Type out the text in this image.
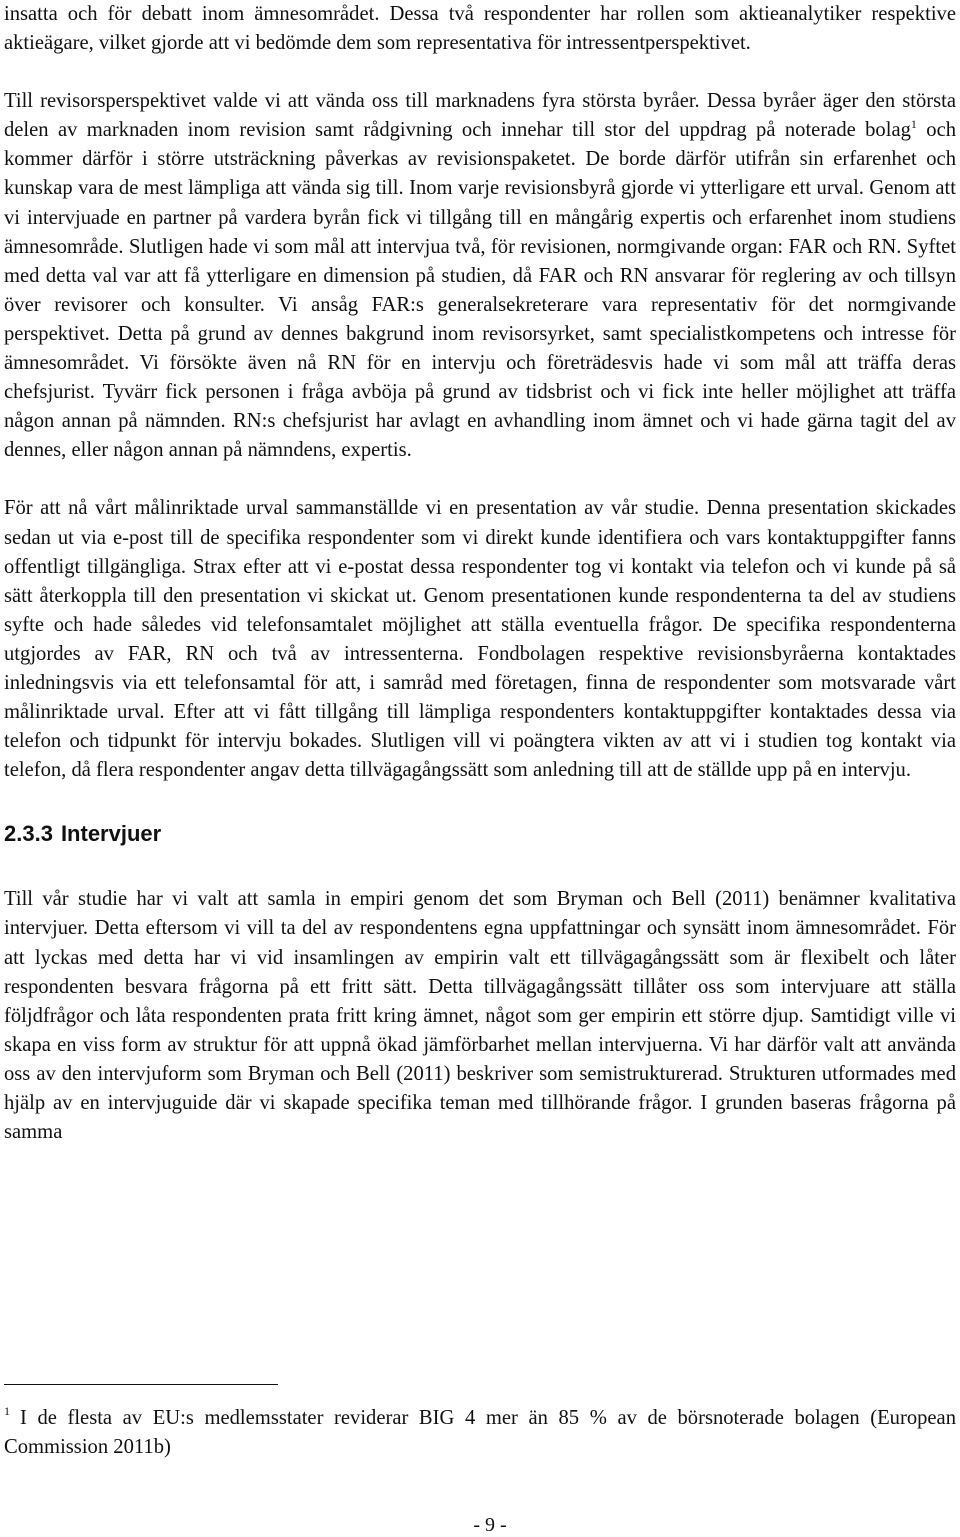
insatta och för debatt inom ämnesområdet. Dessa två respondenter har rollen som aktieanalytiker respektive aktieägare, vilket gjorde att vi bedömde dem som representativa för intressentperspektivet.

Till revisorsperspektivet valde vi att vända oss till marknadens fyra största byråer. Dessa byråer äger den största delen av marknaden inom revision samt rådgivning och innehar till stor del uppdrag på noterade bolag$^1$ och kommer därför i större utsträckning påverkas av revisionspaketet. De borde därför utifrån sin erfarenhet och kunskap vara de mest lämpliga att vända sig till. Inom varje revisionsbyrå gjorde vi ytterligare ett urval. Genom att vi intervjuade en partner på vardera byrån fick vi tillgång till en mångårig expertis och erfarenhet inom studiens ämnesområde. Slutligen hade vi som mål att intervjua två, för revisionen, normgivande organ: FAR och RN. Syftet med detta val var att få ytterligare en dimension på studien, då FAR och RN ansvarar för reglering av och tillsyn över revisorer och konsulter. Vi ansåg FAR:s generalsekreterare vara representativ för det normgivande perspektivet. Detta på grund av dennes bakgrund inom revisorsyrket, samt specialistkompetens och intresse för ämnesområdet. Vi försökte även nå RN för en intervju och företrädesvis hade vi som mål att träffa deras chefsjurist. Tyvärr fick personen i fråga avböja på grund av tidsbrist och vi fick inte heller möjlighet att träffa någon annan på nämnden. RN:s chefsjurist har avlagt en avhandling inom ämnet och vi hade gärna tagit del av dennes, eller någon annan på nämndens, expertis.

För att nå vårt målinriktade urval sammanställde vi en presentation av vår studie. Denna presentation skickades sedan ut via e-post till de specifika respondenter som vi direkt kunde identifiera och vars kontaktuppgifter fanns offentligt tillgängliga. Strax efter att vi e-postat dessa respondenter tog vi kontakt via telefon och vi kunde på så sätt återkoppla till den presentation vi skickat ut. Genom presentationen kunde respondenterna ta del av studiens syfte och hade således vid telefonsamtalet möjlighet att ställa eventuella frågor. De specifika respondenterna utgjordes av FAR, RN och två av intressenterna. Fondbolagen respektive revisionsbyråerna kontaktades inledningsvis via ett telefonsamtal för att, i samråd med företagen, finna de respondenter som motsvarade vårt målinriktade urval. Efter att vi fått tillgång till lämpliga respondenters kontaktuppgifter kontaktades dessa via telefon och tidpunkt för intervju bokades. Slutligen vill vi poängtera vikten av att vi i studien tog kontakt via telefon, då flera respondenter angav detta tillvägagångssätt som anledning till att de ställde upp på en intervju.

2.3.3 Intervjuer

Till vår studie har vi valt att samla in empiri genom det som Bryman och Bell (2011) benämner kvalitativa intervjuer. Detta eftersom vi vill ta del av respondentens egna uppfattningar och synsätt inom ämnesområdet. För att lyckas med detta har vi vid insamlingen av empirin valt ett tillvägagångssätt som är flexibelt och låter respondenten besvara frågorna på ett fritt sätt. Detta tillvägagångssätt tillåter oss som intervjuare att ställa följdfrågor och låta respondenten prata fritt kring ämnet, något som ger empirin ett större djup. Samtidigt ville vi skapa en viss form av struktur för att uppnå ökad jämförbarhet mellan intervjuerna. Vi har därför valt att använda oss av den intervjuform som Bryman och Bell (2011) beskriver som semistrukturerad. Strukturen utformades med hjälp av en intervjuguide där vi skapade specifika teman med tillhörande frågor. I grunden baseras frågorna på samma

$^1$ I de flesta av EU:s medlemsstater reviderar BIG 4 mer än 85 % av de börsnoterade bolagen (European Commission 2011b)
- 9 -
